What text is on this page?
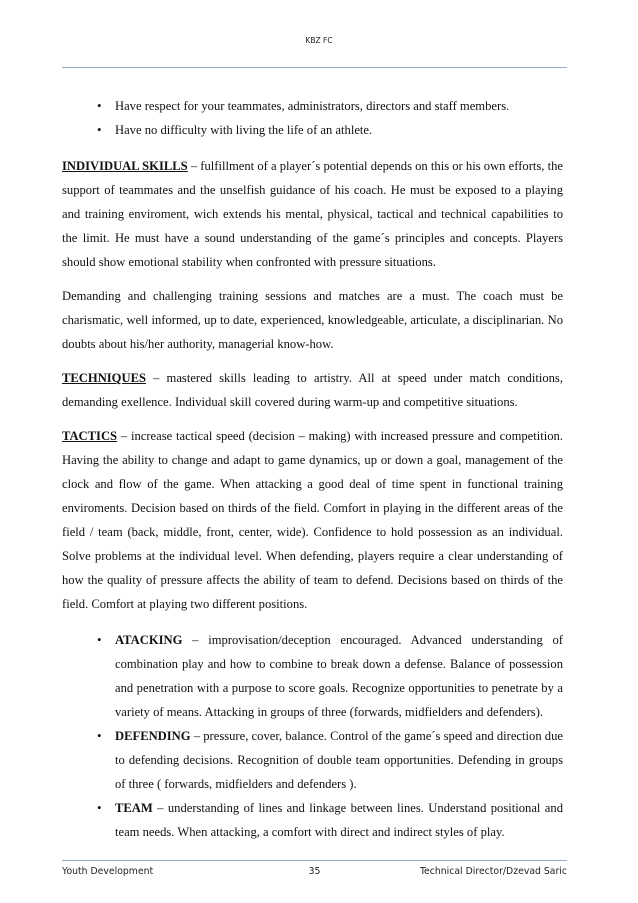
KBZ FC
• Have respect for your teammates, administrators, directors and staff members.
• Have no difficulty with living the life of an athlete.

INDIVIDUAL SKILLS – fulfillment of a player´s potential depends on this or his own efforts, the support of teammates and the unselfish guidance of his coach. He must be exposed to a playing and training enviroment, wich extends his mental, physical, tactical and technical capabilities to the limit. He must have a sound understanding of the game´s principles and concepts. Players should show emotional stability when confronted with pressure situations.

Demanding and challenging training sessions and matches are a must. The coach must be charismatic, well informed, up to date, experienced, knowledgeable, articulate, a disciplinarian. No doubts about his/her authority, managerial know-how.

TECHNIQUES – mastered skills leading to artistry. All at speed under match conditions, demanding exellence. Individual skill covered during warm-up and competitive situations.

TACTICS – increase tactical speed (decision – making) with increased pressure and competition. Having the ability to change and adapt to game dynamics, up or down a goal, management of the clock and flow of the game. When attacking a good deal of time spent in functional training enviroments. Decision based on thirds of the field. Comfort in playing in the different areas of the field / team (back, middle, front, center, wide). Confidence to hold possession as an individual. Solve problems at the individual level. When defending, players require a clear understanding of how the quality of pressure affects the ability of team to defend. Decisions based on thirds of the field. Comfort at playing two different positions.

• ATACKING – improvisation/deception encouraged. Advanced understanding of combination play and how to combine to break down a defense. Balance of possession and penetration with a purpose to score goals. Recognize opportunities to penetrate by a variety of means. Attacking in groups of three (forwards, midfielders and defenders).
• DEFENDING – pressure, cover, balance. Control of the game´s speed and direction due to defending decisions. Recognition of double team opportunities. Defending in groups of three ( forwards, midfielders and defenders ).
• TEAM – understanding of lines and linkage between lines. Understand positional and team needs. When attacking, a comfort with direct and indirect styles of play.
Youth Development	35	Technical Director/Dzevad Saric
